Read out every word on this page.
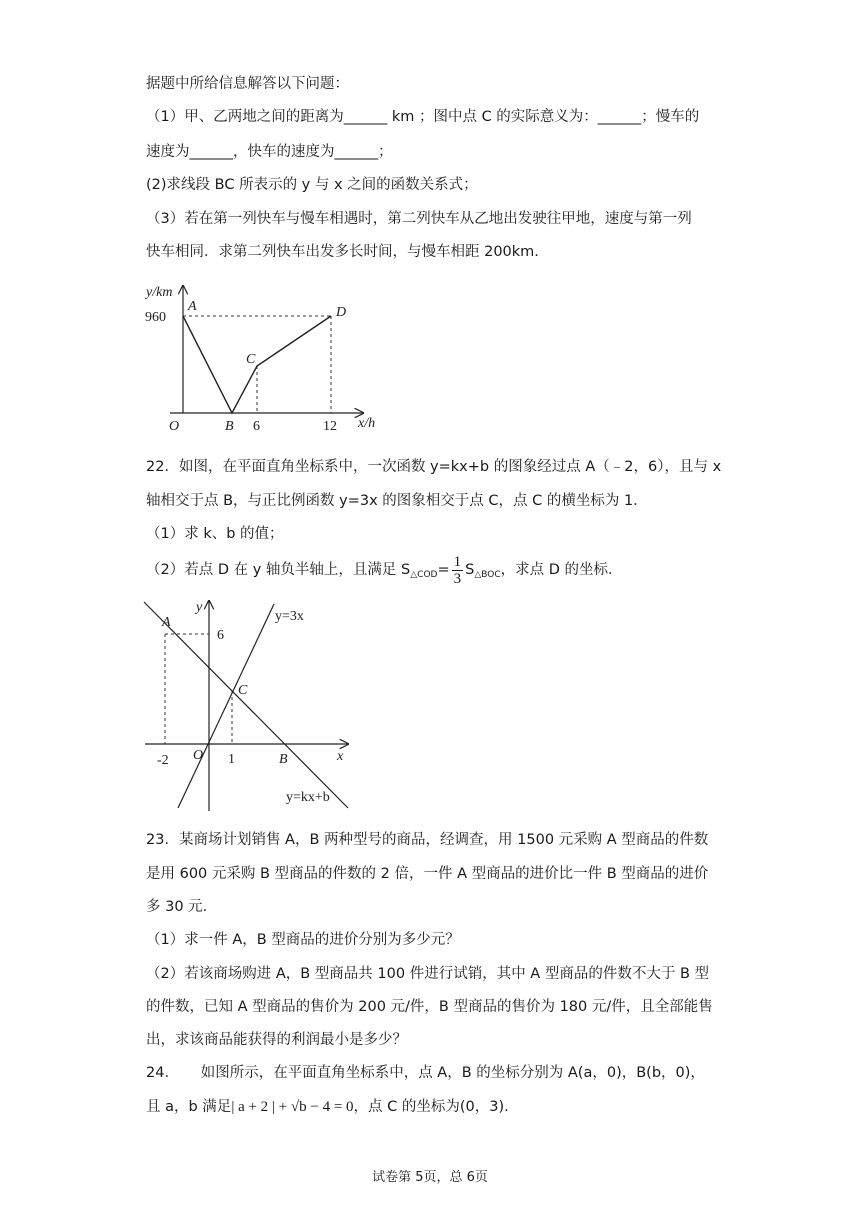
据题中所给信息解答以下问题：
（1）甲、乙两地之间的距离为______ km ；图中点 C 的实际意义为：______；慢车的
速度为______，快车的速度为______；
(2)求线段 BC 所表示的 y 与 x 之间的函数关系式；
（3）若在第一列快车与慢车相遇时，第二列快车从乙地出发驶往甲地，速度与第一列
快车相同．求第二列快车出发多长时间，与慢车相距 200km.
y/km
x/h
O
960
6	12
A
B
C
D
22．如图，在平面直角坐标系中，一次函数 y=kx+b 的图象经过点 A（﹣2，6），且与 x
轴相交于点 B，与正比例函数 y=3x 的图象相交于点 C，点 C 的横坐标为 1．
（1）求 k、b 的值；
（2）若点 D 在 y 轴负半轴上，且满足 $S_{\triangle COD}= \frac{1}{3} S_{\triangle BOC}$，求点 D 的坐标．
y
x
O
A
B
C
6
-2	1
y=3x
y=kx+b
23．某商场计划销售 A，B 两种型号的商品，经调查，用 1500 元采购 A 型商品的件数
是用 600 元采购 B 型商品的件数的 2 倍，一件 A 型商品的进价比一件 B 型商品的进价
多 30 元．
（1）求一件 A，B 型商品的进价分别为多少元？
（2）若该商场购进 A，B 型商品共 100 件进行试销，其中 A 型商品的件数不大于 B 型
的件数，已知 A 型商品的售价为 200 元/件，B 型商品的售价为 180 元/件，且全部能售
出，求该商品能获得的利润最小是多少？
24．　　如图所示，在平面直角坐标系中，点 A，B 的坐标分别为 A(a，0)，B(b，0)，
且 a，b 满足| a + 2 | + √b − 4 = 0，点 C 的坐标为(0，3).
试卷第 5页，总 6页
